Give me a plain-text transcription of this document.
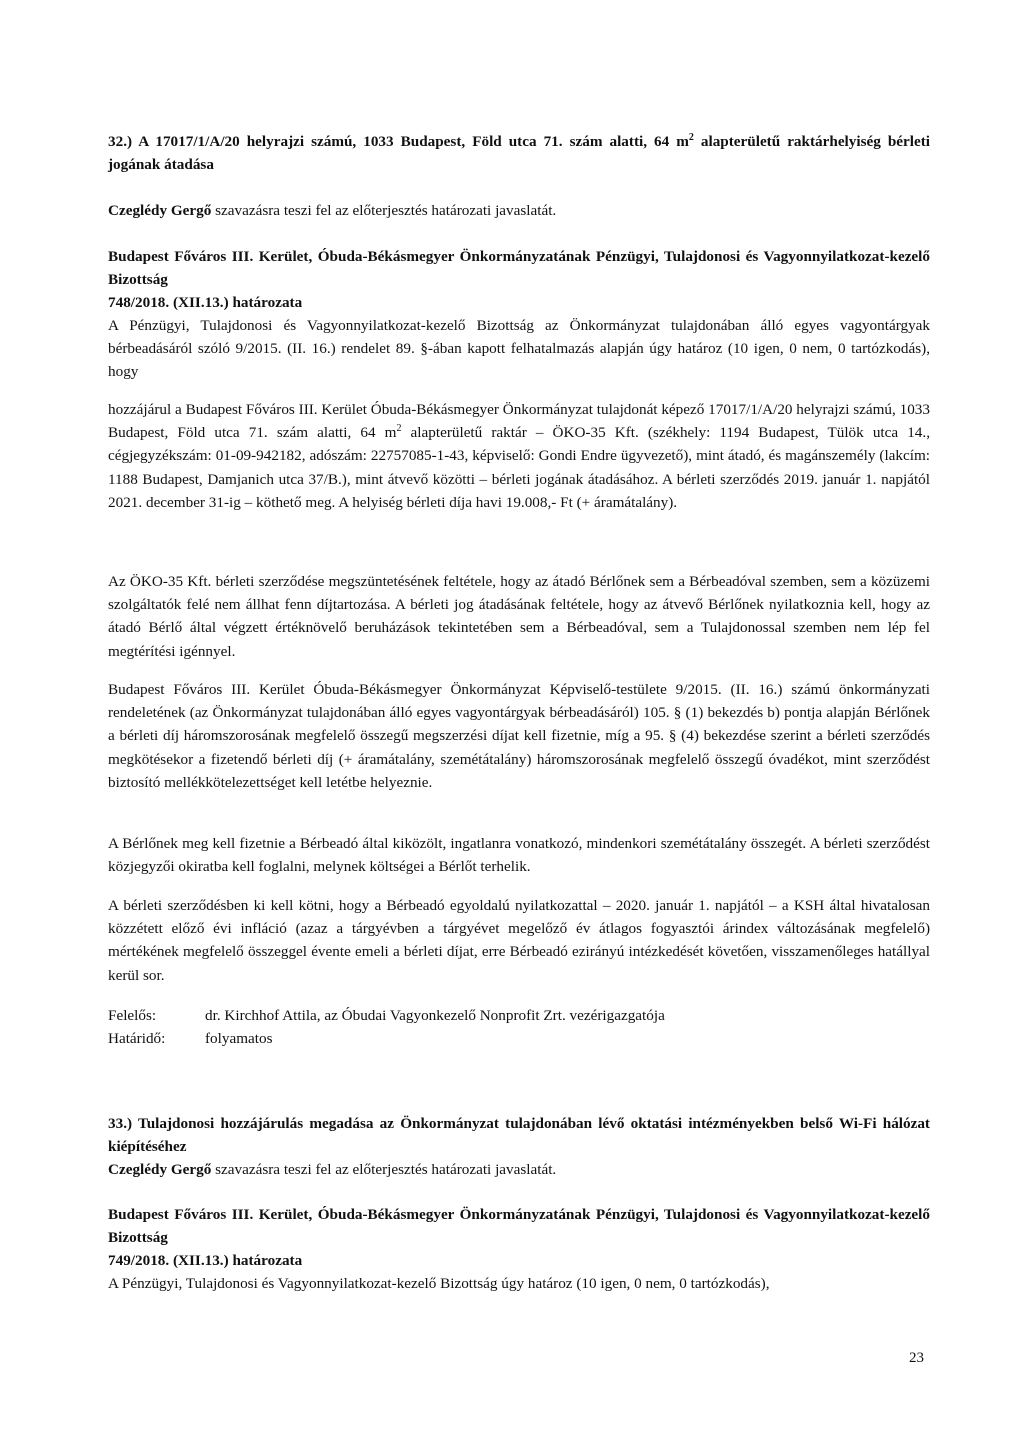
32.) A 17017/1/A/20 helyrajzi számú, 1033 Budapest, Föld utca 71. szám alatti, 64 $m^2$ alapterületű raktárhelyiség bérleti jogának átadása
Czeglédy Gergő szavazásra teszi fel az előterjesztés határozati javaslatát.
Budapest Főváros III. Kerület, Óbuda-Békásmegyer Önkormányzatának Pénzügyi, Tulajdonosi és Vagyonnyilatkozat-kezelő Bizottság
748/2018. (XII.13.) határozata
A Pénzügyi, Tulajdonosi és Vagyonnyilatkozat-kezelő Bizottság az Önkormányzat tulajdonában álló egyes vagyontárgyak bérbeadásáról szóló 9/2015. (II. 16.) rendelet 89. §-ában kapott felhatalmazás alapján úgy határoz (10 igen, 0 nem, 0 tartózkodás), hogy
hozzájárul a Budapest Főváros III. Kerület Óbuda-Békásmegyer Önkormányzat tulajdonát képező 17017/1/A/20 helyrajzi számú, 1033 Budapest, Föld utca 71. szám alatti, 64 $m^2$ alapterületű raktár – ÖKO-35 Kft. (székhely: 1194 Budapest, Tülök utca 14., cégjegyzékszám: 01-09-942182, adószám: 22757085-1-43, képviselő: Gondi Endre ügyvezető), mint átadó, és magánszemély (lakcím: 1188 Budapest, Damjanich utca 37/B.), mint átvevő közötti – bérleti jogának átadásához. A bérleti szerződés 2019. január 1. napjától 2021. december 31-ig – köthető meg. A helyiség bérleti díja havi 19.008,- Ft (+ áramátalány).
Az ÖKO-35 Kft. bérleti szerződése megszüntetésének feltétele, hogy az átadó Bérlőnek sem a Bérbeadóval szemben, sem a közüzemi szolgáltatók felé nem állhat fenn díjtartozása. A bérleti jog átadásának feltétele, hogy az átvevő Bérlőnek nyilatkoznia kell, hogy az átadó Bérlő által végzett értéknövelő beruházások tekintetében sem a Bérbeadóval, sem a Tulajdonossal szemben nem lép fel megtérítési igénnyel.
Budapest Főváros III. Kerület Óbuda-Békásmegyer Önkormányzat Képviselő-testülete 9/2015. (II. 16.) számú önkormányzati rendeletének (az Önkormányzat tulajdonában álló egyes vagyontárgyak bérbeadásáról) 105. § (1) bekezdés b) pontja alapján Bérlőnek a bérleti díj háromszorosának megfelelő összegű megszerzési díjat kell fizetnie, míg a 95. § (4) bekezdése szerint a bérleti szerződés megkötésekor a fizetendő bérleti díj (+ áramátalány, szemétátalány) háromszorosának megfelelő összegű óvadékot, mint szerződést biztosító mellékkötelezettséget kell letétbe helyeznie.
A Bérlőnek meg kell fizetnie a Bérbeadó által kiközölt, ingatlanra vonatkozó, mindenkori szemétátalány összegét. A bérleti szerződést közjegyzői okiratba kell foglalni, melynek költségei a Bérlőt terhelik.
A bérleti szerződésben ki kell kötni, hogy a Bérbeadó egyoldalú nyilatkozattal – 2020. január 1. napjától – a KSH által hivatalosan közzétett előző évi infláció (azaz a tárgyévben a tárgyévet megelőző év átlagos fogyasztói árindex változásának megfelelő) mértékének megfelelő összeggel évente emeli a bérleti díjat, erre Bérbeadó ezirányú intézkedését követően, visszamenőleges hatállyal kerül sor.
Felelős:	dr. Kirchhof Attila, az Óbudai Vagyonkezelő Nonprofit Zrt. vezérigazgatója
Határidő:	folyamatos
33.) Tulajdonosi hozzájárulás megadása az Önkormányzat tulajdonában lévő oktatási intézményekben belső Wi-Fi hálózat kiépítéséhez
Czeglédy Gergő szavazásra teszi fel az előterjesztés határozati javaslatát.
Budapest Főváros III. Kerület, Óbuda-Békásmegyer Önkormányzatának Pénzügyi, Tulajdonosi és Vagyonnyilatkozat-kezelő Bizottság
749/2018. (XII.13.) határozata
A Pénzügyi, Tulajdonosi és Vagyonnyilatkozat-kezelő Bizottság úgy határoz (10 igen, 0 nem, 0 tartózkodás),
23
